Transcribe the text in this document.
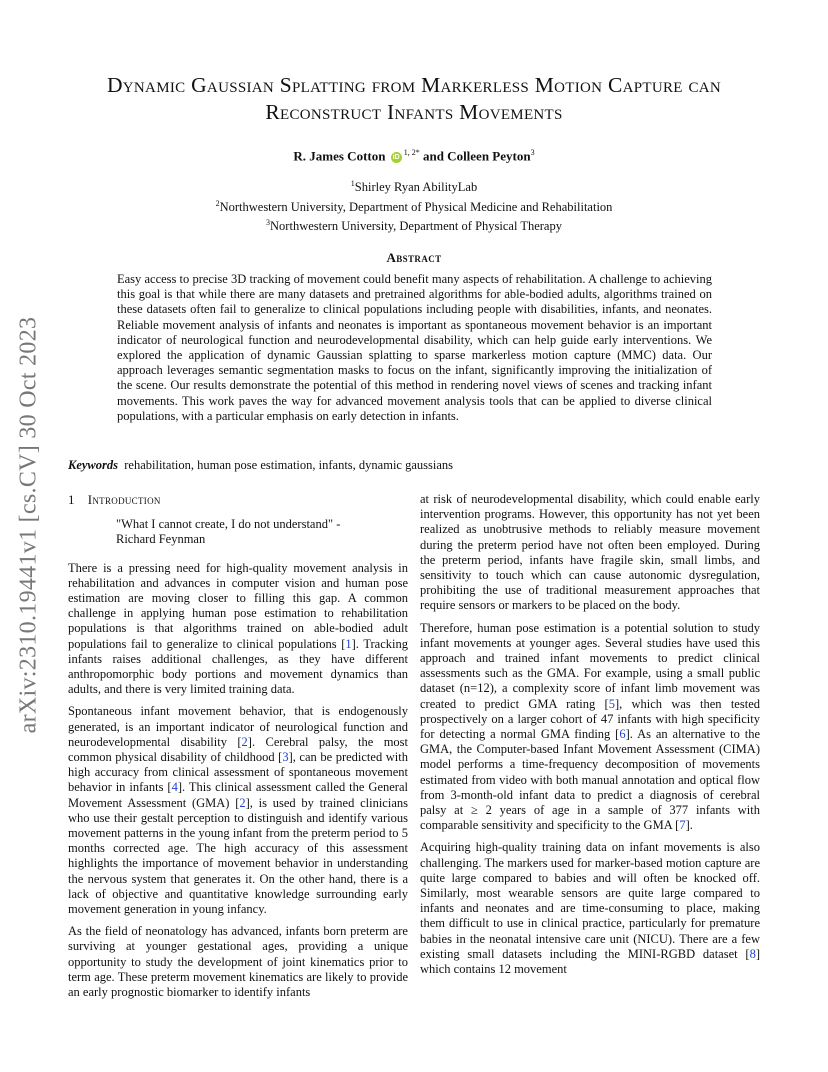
arXiv:2310.19441v1 [cs.CV] 30 Oct 2023
Dynamic Gaussian Splatting from Markerless Motion Capture can
Reconstruct Infants Movements
R. James Cotton $iD^{1, 2*}$ and Colleen Peyton$^3$
$^1$Shirley Ryan AbilityLab
$^2$Northwestern University, Department of Physical Medicine and Rehabilitation
$^3$Northwestern University, Department of Physical Therapy
Abstract

Easy access to precise 3D tracking of movement could benefit many aspects of rehabilitation. A challenge to achieving this goal is that while there are many datasets and pretrained algorithms for able-bodied adults, algorithms trained on these datasets often fail to generalize to clinical populations including people with disabilities, infants, and neonates. Reliable movement analysis of infants and neonates is important as spontaneous movement behavior is an important indicator of neurological function and neurodevelopmental disability, which can help guide early interventions. We explored the application of dynamic Gaussian splatting to sparse markerless motion capture (MMC) data. Our approach leverages semantic segmentation masks to focus on the infant, significantly improving the initialization of the scene. Our results demonstrate the potential of this method in rendering novel views of scenes and tracking infant movements. This work paves the way for advanced movement analysis tools that can be applied to diverse clinical populations, with a particular emphasis on early detection in infants.

Keywords rehabilitation, human pose estimation, infants, dynamic gaussians
1 Introduction
"What I cannot create, I do not understand" -
Richard Feynman

There is a pressing need for high-quality movement analysis in rehabilitation and advances in computer vision and human pose estimation are moving closer to filling this gap. A common challenge in applying human pose estimation to rehabilitation populations is that algorithms trained on able-bodied adult populations fail to generalize to clinical populations [1]. Tracking infants raises additional challenges, as they have different anthropomorphic body portions and movement dynamics than adults, and there is very limited training data.

Spontaneous infant movement behavior, that is endogenously generated, is an important indicator of neurological function and neurodevelopmental disability [2]. Cerebral palsy, the most common physical disability of childhood [3], can be predicted with high accuracy from clinical assessment of spontaneous movement behavior in infants [4]. This clinical assessment called the General Movement Assessment (GMA) [2], is used by trained clinicians who use their gestalt perception to distinguish and identify various movement patterns in the young infant from the preterm period to 5 months corrected age. The high accuracy of this assessment highlights the importance of movement behavior in understanding the nervous system that generates it. On the other hand, there is a lack of objective and quantitative knowledge surrounding early movement generation in young infancy.

As the field of neonatology has advanced, infants born preterm are surviving at younger gestational ages, providing a unique opportunity to study the development of joint kinematics prior to term age. These preterm movement kinematics are likely to provide an early prognostic biomarker to identify infants

at risk of neurodevelopmental disability, which could enable early intervention programs. However, this opportunity has not yet been realized as unobtrusive methods to reliably measure movement during the preterm period have not often been employed. During the preterm period, infants have fragile skin, small limbs, and sensitivity to touch which can cause autonomic dysregulation, prohibiting the use of traditional measurement approaches that require sensors or markers to be placed on the body.

Therefore, human pose estimation is a potential solution to study infant movements at younger ages. Several studies have used this approach and trained infant movements to predict clinical assessments such as the GMA. For example, using a small public dataset (n=12), a complexity score of infant limb movement was created to predict GMA rating [5], which was then tested prospectively on a larger cohort of 47 infants with high specificity for detecting a normal GMA finding [6]. As an alternative to the GMA, the Computer-based Infant Movement Assessment (CIMA) model performs a time-frequency decomposition of movements estimated from video with both manual annotation and optical flow from 3-month-old infant data to predict a diagnosis of cerebral palsy at ≥ 2 years of age in a sample of 377 infants with comparable sensitivity and specificity to the GMA [7].

Acquiring high-quality training data on infant movements is also challenging. The markers used for marker-based motion capture are quite large compared to babies and will often be knocked off. Similarly, most wearable sensors are quite large compared to infants and neonates and are time-consuming to place, making them difficult to use in clinical practice, particularly for premature babies in the neonatal intensive care unit (NICU). There are a few existing small datasets including the MINI-RGBD dataset [8] which contains 12 movement
